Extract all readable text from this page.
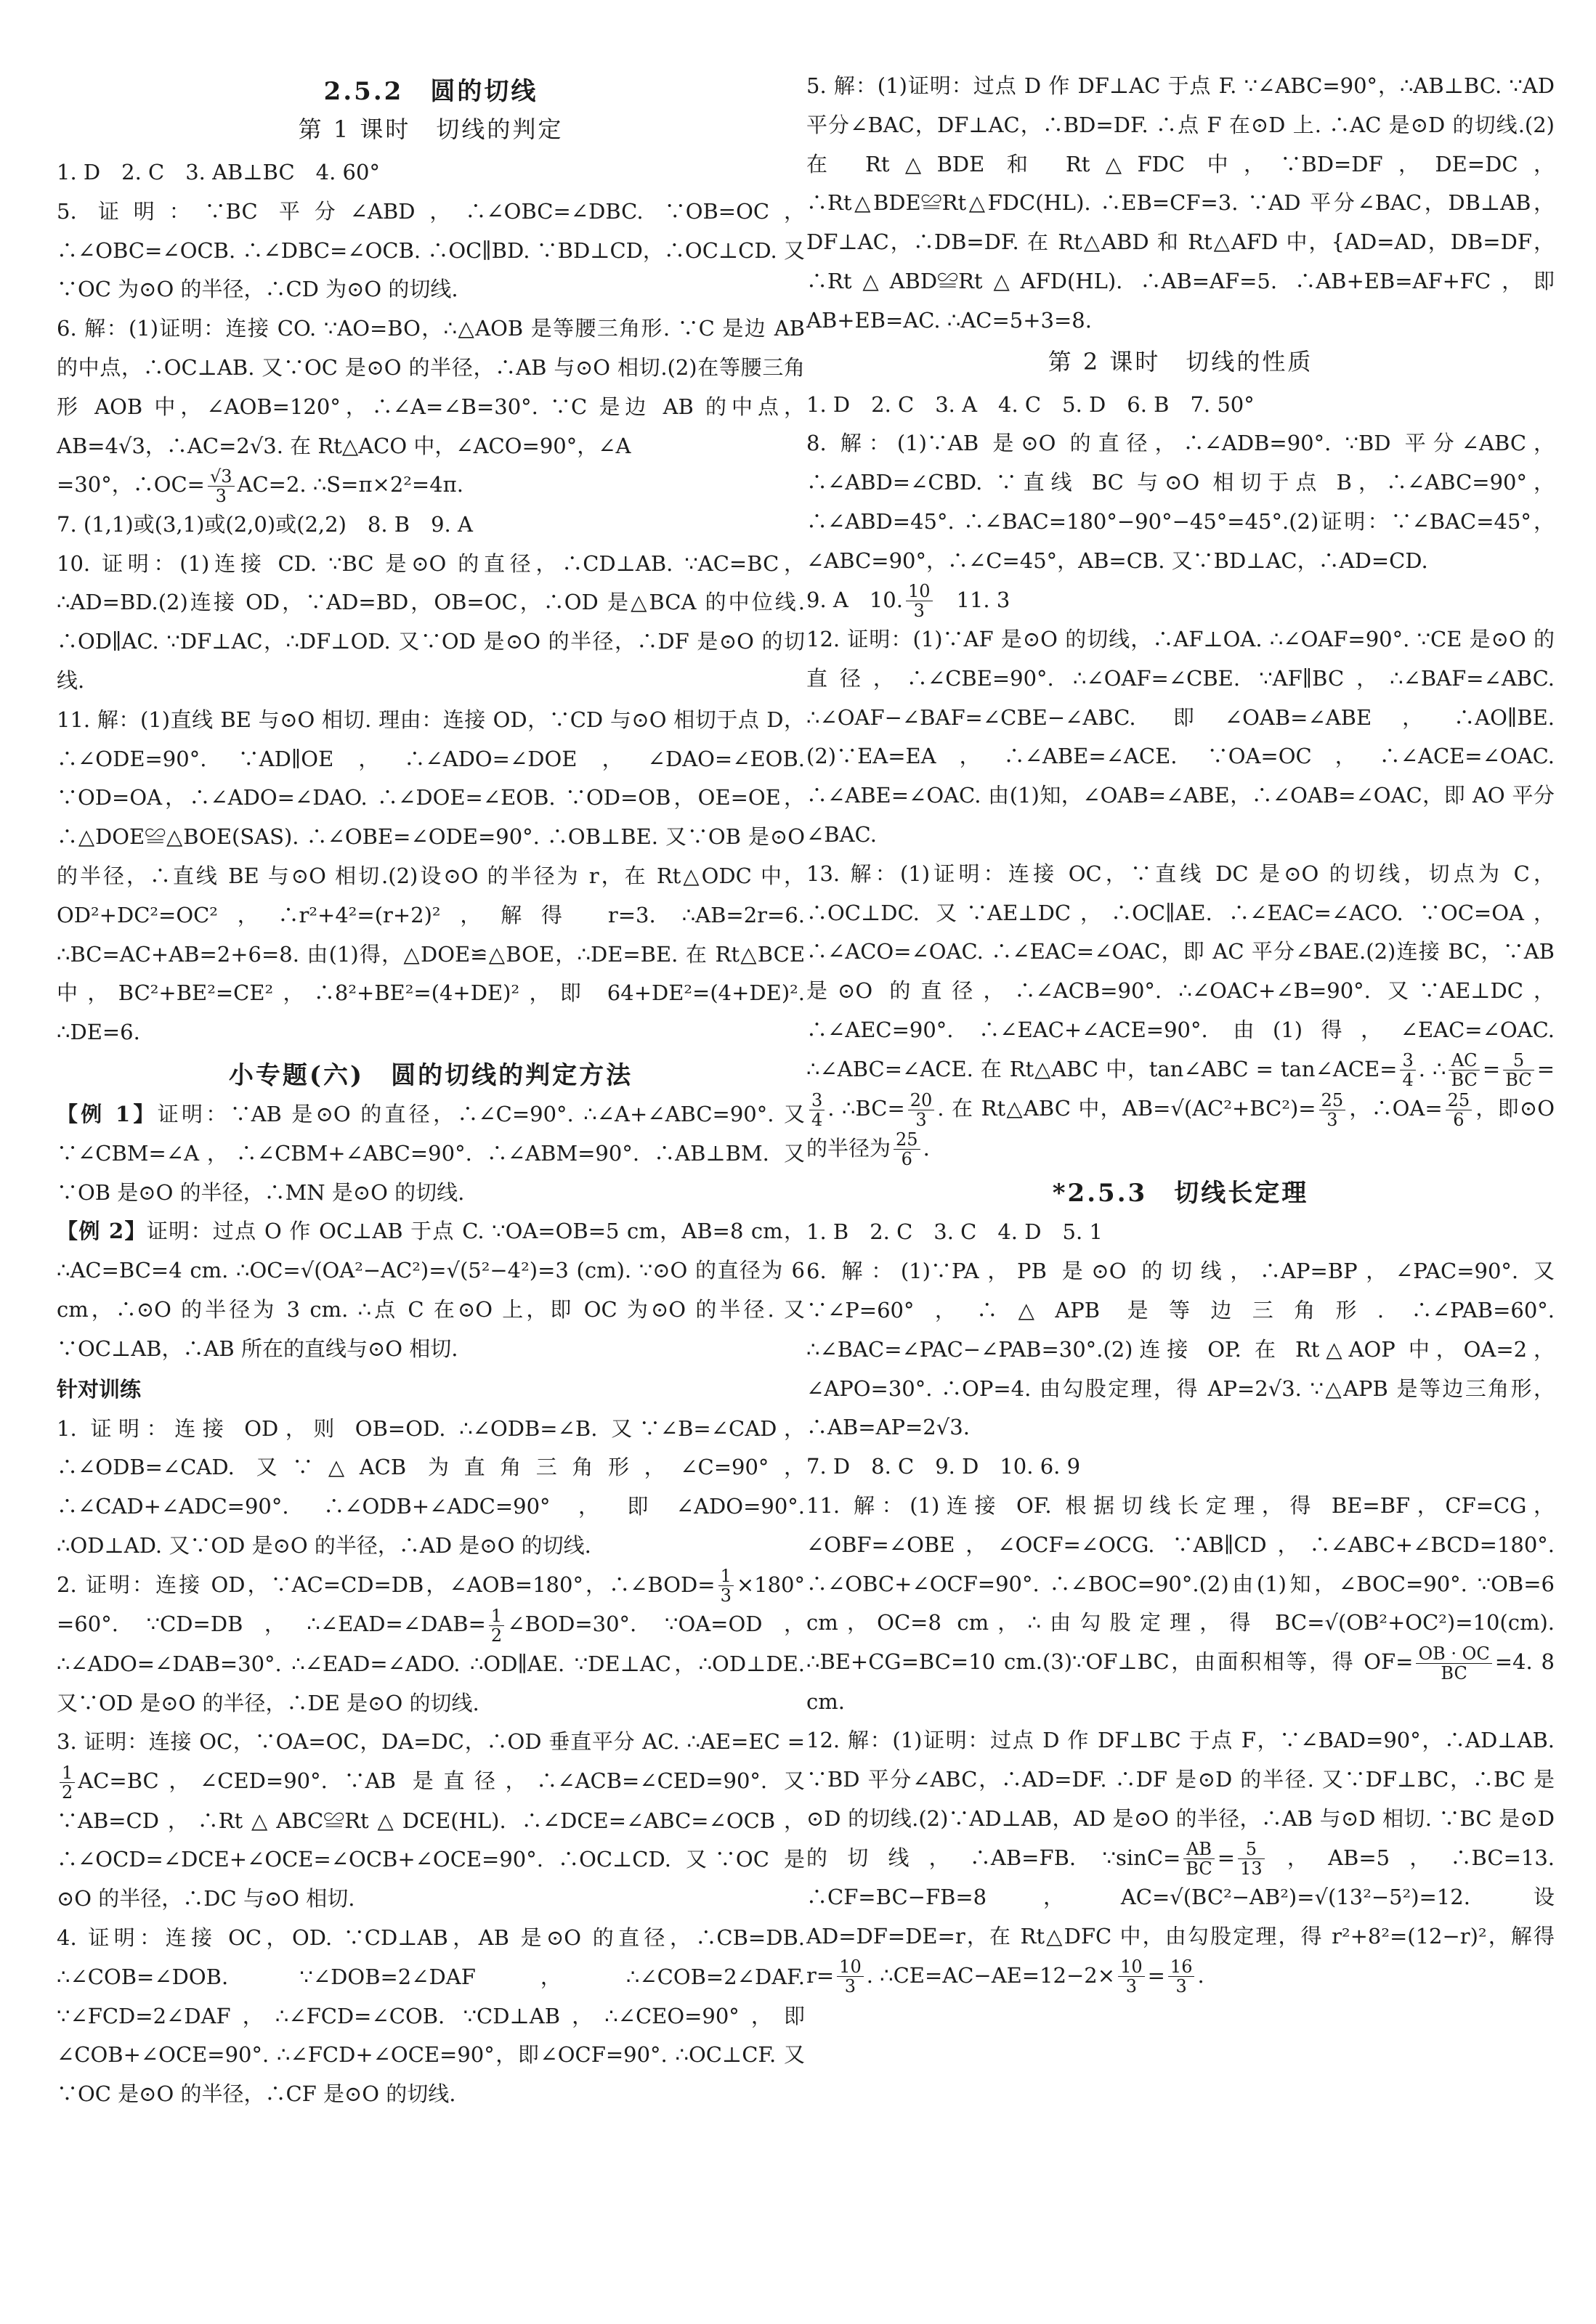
2.5.2　圆的切线
第 1 课时　切线的判定

1. D　2. C　3. AB⊥BC　4. 60°

5. 证明：∵BC 平分∠ABD，∴∠OBC=∠DBC. ∵OB=OC，∴∠OBC=∠OCB. ∴∠DBC=∠OCB. ∴OC∥BD. ∵BD⊥CD，∴OC⊥CD. 又∵OC 为⊙O 的半径，∴CD 为⊙O 的切线.

6. 解：(1)证明：连接 CO. ∵AO=BO，∴△AOB 是等腰三角形. ∵C 是边 AB 的中点，∴OC⊥AB. 又∵OC 是⊙O 的半径，∴AB 与⊙O 相切.(2)在等腰三角形 AOB 中，∠AOB=120°，∴∠A=∠B=30°. ∵C 是边 AB 的中点，AB=4√3，∴AC=2√3. 在 Rt△ACO 中，∠ACO=90°，∠A

=30°，∴OC= $\frac{√3}{3} AC=2$. ∴S=π×2²=4π.

7. (1,1)或(3,1)或(2,0)或(2,2)　8. B　9. A

10. 证明：(1)连接 CD. ∵BC 是⊙O 的直径，∴CD⊥AB. ∵AC=BC，∴AD=BD.(2)连接 OD，∵AD=BD，OB=OC，∴OD 是△BCA 的中位线. ∴OD∥AC. ∵DF⊥AC，∴DF⊥OD. 又∵OD 是⊙O 的半径，∴DF 是⊙O 的切线.

11. 解：(1)直线 BE 与⊙O 相切. 理由：连接 OD，∵CD 与⊙O 相切于点 D，∴∠ODE=90°. ∵AD∥OE，∴∠ADO=∠DOE，∠DAO=∠EOB. ∵OD=OA，∴∠ADO=∠DAO. ∴∠DOE=∠EOB. ∵OD=OB，OE=OE，∴△DOE≌△BOE(SAS). ∴∠OBE=∠ODE=90°. ∴OB⊥BE. 又∵OB 是⊙O 的半径，∴直线 BE 与⊙O 相切.(2)设⊙O 的半径为 r，在 Rt△ODC 中，OD²+DC²=OC²，∴r²+4²=(r+2)²，解得 r=3. ∴AB=2r=6. ∴BC=AC+AB=2+6=8. 由(1)得，△DOE≌△BOE，∴DE=BE. 在 Rt△BCE 中，BC²+BE²=CE²，∴8²+BE²=(4+DE)²，即 64+DE²=(4+DE)². ∴DE=6.

小专题(六)　圆的切线的判定方法

【例 1】证明：∵AB 是⊙O 的直径，∴∠C=90°. ∴∠A+∠ABC=90°. 又∵∠CBM=∠A，∴∠CBM+∠ABC=90°. ∴∠ABM=90°. ∴AB⊥BM. 又∵OB 是⊙O 的半径，∴MN 是⊙O 的切线.

【例 2】证明：过点 O 作 OC⊥AB 于点 C. ∵OA=OB=5 cm，AB=8 cm，∴AC=BC=4 cm. ∴OC=√(OA²−AC²)=√(5²−4²)=3 (cm). ∵⊙O 的直径为 6 cm，∴⊙O 的半径为 3 cm. ∴点 C 在⊙O 上，即 OC 为⊙O 的半径. 又∵OC⊥AB，∴AB 所在的直线与⊙O 相切.

针对训练

1. 证明：连接 OD，则 OB=OD. ∴∠ODB=∠B. 又∵∠B=∠CAD，∴∠ODB=∠CAD. 又∵△ACB 为直角三角形，∠C=90°，∴∠CAD+∠ADC=90°. ∴∠ODB+∠ADC=90°，即∠ADO=90°. ∴OD⊥AD. 又∵OD 是⊙O 的半径，∴AD 是⊙O 的切线.

2. 证明：连接 OD，∵AC=CD=DB，∠AOB=180°，∴∠BOD= $\frac{1}{3} \times 180^\circ =60^\circ$. ∵CD=DB，∴∠EAD=∠DAB= $\frac{1}{2}$ ∠BOD=30°. ∵OA=OD，∴∠ADO=∠DAB=30°. ∴∠EAD=∠ADO. ∴OD∥AE. ∵DE⊥AC，∴OD⊥DE. 又∵OD 是⊙O 的半径，∴DE 是⊙O 的切线.

3. 证明：连接 OC，∵OA=OC，DA=DC，∴OD 垂直平分 AC. ∴AE=EC =
$\frac{1}{2} AC=BC$，∠CED=90°. ∵AB 是直径，∴∠ACB=∠CED=90°. 又∵AB=CD，∴Rt△ABC≌Rt△DCE(HL). ∴∠DCE=∠ABC=∠OCB，∴∠OCD=∠DCE+∠OCE=∠OCB+∠OCE=90°. ∴OC⊥CD. 又∵OC 是⊙O 的半径，∴DC 与⊙O 相切.

4. 证明：连接 OC，OD. ∵CD⊥AB，AB 是⊙O 的直径，∴CB=DB. ∴∠COB=∠DOB. ∵∠DOB=2∠DAF，∴∠COB=2∠DAF. ∵∠FCD=2∠DAF，∴∠FCD=∠COB. ∵CD⊥AB，∴∠CEO=90°，即∠COB+∠OCE=90°. ∴∠FCD+∠OCE=90°，即∠OCF=90°. ∴OC⊥CF. 又∵OC 是⊙O 的半径，∴CF 是⊙O 的切线.

5. 解：(1)证明：过点 D 作 DF⊥AC 于点 F. ∵∠ABC=90°，∴AB⊥BC. ∵AD 平分∠BAC，DF⊥AC，∴BD=DF. ∴点 F 在⊙D 上. ∴AC 是⊙D 的切线.(2)在 Rt△BDE 和 Rt△FDC 中，∵BD=DF，DE=DC，∴Rt△BDE≌Rt△FDC(HL). ∴EB=CF=3. ∵AD 平分∠BAC，DB⊥AB，DF⊥AC，∴DB=DF. 在 Rt△ABD 和 Rt△AFD 中，{AD=AD，DB=DF，∴Rt△ABD≌Rt△AFD(HL). ∴AB=AF=5. ∴AB+EB=AF+FC，即 AB+EB=AC. ∴AC=5+3=8.

第 2 课时　切线的性质

1. D　2. C　3. A　4. C　5. D　6. B　7. 50°

8. 解：(1)∵AB 是⊙O 的直径，∴∠ADB=90°. ∵BD 平分∠ABC，∴∠ABD=∠CBD. ∵直线 BC 与⊙O 相切于点 B，∴∠ABC=90°，∴∠ABD=45°. ∴∠BAC=180°−90°−45°=45°.(2)证明：∵∠BAC=45°，∠ABC=90°，∴∠C=45°，AB=CB. 又∵BD⊥AC，∴AD=CD.

9. A　10. $\frac{10}{3}$
　 11. 3

12. 证明：(1)∵AF 是⊙O 的切线，∴AF⊥OA. ∴∠OAF=90°. ∵CE 是⊙O 的直径，∴∠CBE=90°. ∴∠OAF=∠CBE. ∵AF∥BC，∴∠BAF=∠ABC. ∴∠OAF−∠BAF=∠CBE−∠ABC. 即∠OAB=∠ABE，∴AO∥BE.(2)∵EA=EA，∴∠ABE=∠ACE. ∵OA=OC，∴∠ACE=∠OAC. ∴∠ABE=∠OAC. 由(1)知，∠OAB=∠ABE，∴∠OAB=∠OAC，即 AO 平分∠BAC.

13. 解：(1)证明：连接 OC，∵直线 DC 是⊙O 的切线，切点为 C，∴OC⊥DC. 又∵AE⊥DC，∴OC∥AE. ∴∠EAC=∠ACO. ∵OC=OA，∴∠ACO=∠OAC. ∴∠EAC=∠OAC，即 AC 平分∠BAE.(2)连接 BC，∵AB 是⊙O 的直径，∴∠ACB=90°. ∴∠OAC+∠B=90°. 又∵AE⊥DC，∴∠AEC=90°. ∴∠EAC+∠ACE=90°. 由(1)得，∠EAC=∠OAC. ∴∠ABC=∠ACE. 在 Rt△ABC 中，tan∠ABC = tan∠ACE= $\frac{3}{4}$ . ∴ $\frac{AC}{BC} = \frac{5}{BC}$ =
$\frac{3}{4}$ . ∴BC= $\frac{20}{3}$ . 在 Rt△ABC 中，$AB=√(AC^2+BC^2)= \frac{25}{3}$ ，∴OA= $\frac{25}{6}$ ，即⊙O 的半径为 $\frac{25}{6}$ .

*2.5.3　切线长定理

1. B　2. C　3. C　4. D　5. 1

6. 解：(1)∵PA，PB 是⊙O 的切线，∴AP=BP，∠PAC=90°. 又∵∠P=60°，∴△APB 是等边三角形. ∴∠PAB=60°. ∴∠BAC=∠PAC−∠PAB=30°.(2)连接 OP. 在 Rt△AOP 中，OA=2，∠APO=30°. ∴OP=4. 由勾股定理，得 AP=2√3. ∵△APB 是等边三角形，∴AB=AP=2√3.

7. D　8. C　9. D　10. 6. 9

11. 解：(1)连接 OF. 根据切线长定理，得 BE=BF，CF=CG，∠OBF=∠OBE，∠OCF=∠OCG. ∵AB∥CD，∴∠ABC+∠BCD=180°. ∴∠OBC+∠OCF=90°. ∴∠BOC=90°.(2)由(1)知，∠BOC=90°. ∵OB=6 cm，OC=8 cm，∴由勾股定理，得 BC=√(OB²+OC²)=10(cm). ∴BE+CG=BC=10 cm.(3)∵OF⊥BC，由面积相等，得 $OF= \frac{OB \cdot OC}{BC} =4$. 8 cm.

12. 解：(1)证明：过点 D 作 DF⊥BC 于点 F，∵∠BAD=90°，∴AD⊥AB. ∵BD 平分∠ABC，∴AD=DF. ∴DF 是⊙D 的半径. 又∵DF⊥BC，∴BC 是⊙D 的切线.(2)∵AD⊥AB，AD 是⊙O 的半径，∴AB 与⊙D 相切. ∵BC 是⊙D 的切线，∴AB=FB. ∵sinC= $\frac{AB}{BC} = \frac{5}{13}$ ，AB=5，∴BC=13. ∴CF=BC−FB=8，AC=√(BC²−AB²)=√(13²−5²)=12. 设 AD=DF=DE=r，在 Rt△DFC 中，由勾股定理，得 r²+8²=(12−r)²，解得 $r= \frac{10}{3}$ . ∴CE=AC−AE=12−2× $\frac{10}{3} = \frac{16}{3}$ .
